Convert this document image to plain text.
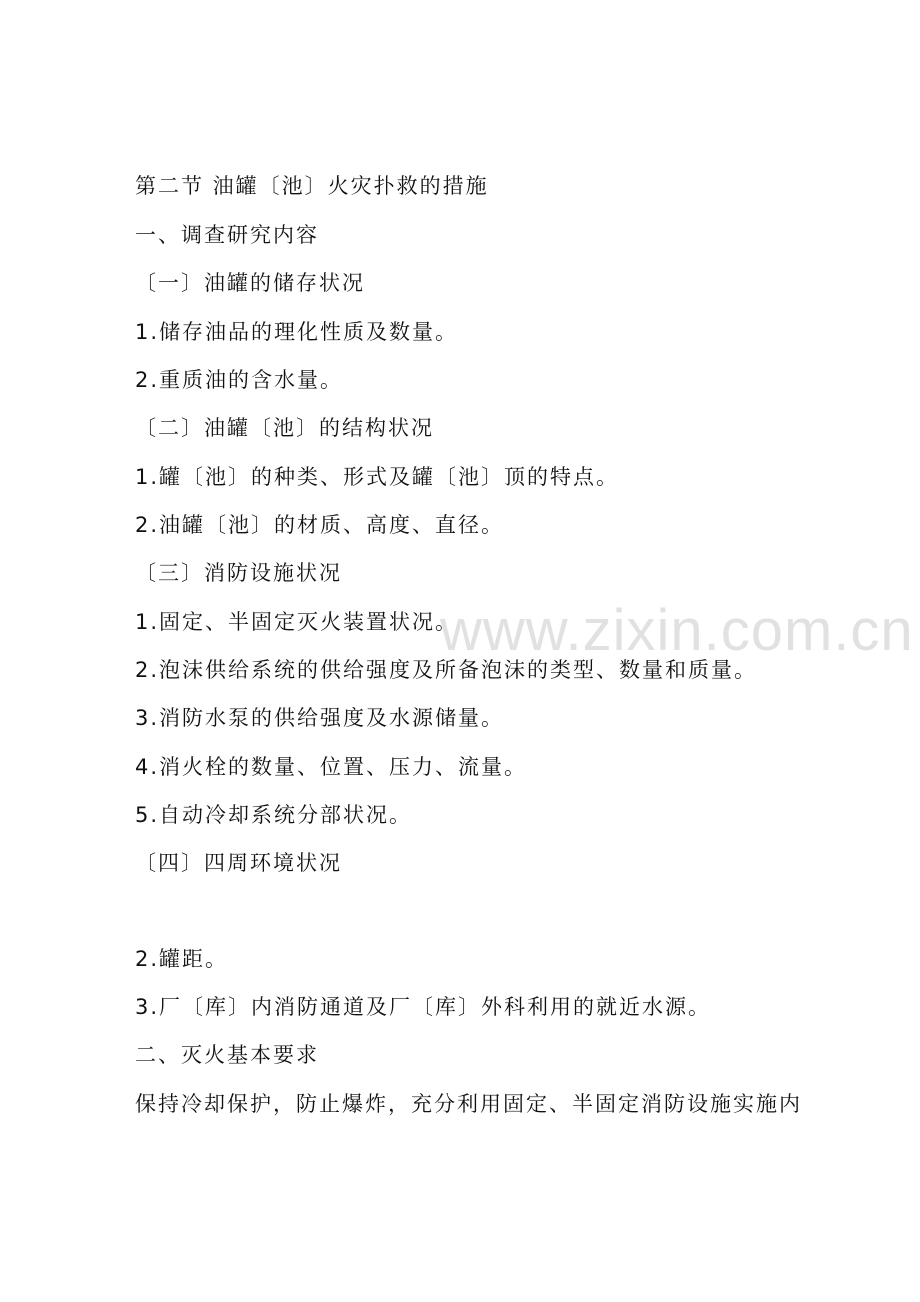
第二节 油罐〔池〕火灾扑救的措施
一、调查研究内容
〔一〕油罐的储存状况
1.储存油品的理化性质及数量。
2.重质油的含水量。
〔二〕油罐〔池〕的结构状况
1.罐〔池〕的种类、形式及罐〔池〕顶的特点。
2.油罐〔池〕的材质、高度、直径。
〔三〕消防设施状况
1.固定、半固定灭火装置状况。
2.泡沫供给系统的供给强度及所备泡沫的类型、数量和质量。
3.消防水泵的供给强度及水源储量。
4.消火栓的数量、位置、压力、流量。
5.自动冷却系统分部状况。
〔四〕四周环境状况
2.罐距。
3.厂〔库〕内消防通道及厂〔库〕外科利用的就近水源。
二、灭火基本要求
保持冷却保护，防止爆炸，充分利用固定、半固定消防设施实施内
www.zixin.com.cn
